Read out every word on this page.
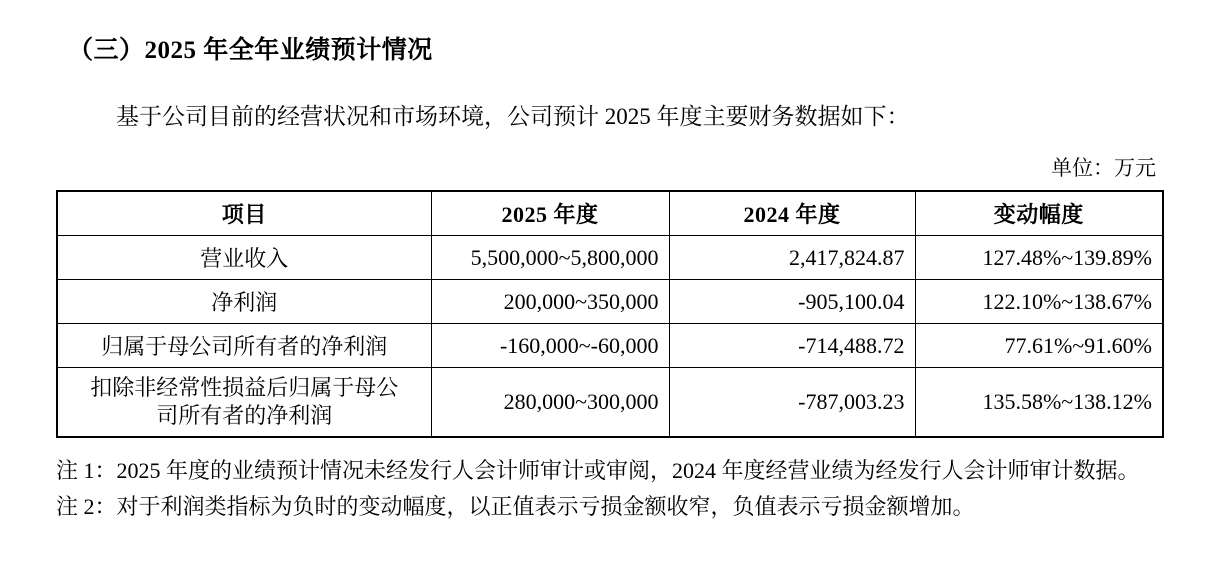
（三）2025 年全年业绩预计情况
基于公司目前的经营状况和市场环境，公司预计 2025 年度主要财务数据如下：
单位：万元
项目	2025 年度	2024 年度	变动幅度
营业收入	5,500,000~5,800,000	2,417,824.87	127.48%~139.89%
净利润	200,000~350,000	-905,100.04	122.10%~138.67%
归属于母公司所有者的净利润	-160,000~-60,000	-714,488.72	77.61%~91.60%

扣除非经常性损益后归属于母公
司所有者的净利润	280,000~300,000	-787,003.23	135.58%~138.12%

注 1：2025 年度的业绩预计情况未经发行人会计师审计或审阅，2024 年度经营业绩为经发行人会计师审计数据。

注 2：对于利润类指标为负时的变动幅度，以正值表示亏损金额收窄，负值表示亏损金额增加。
